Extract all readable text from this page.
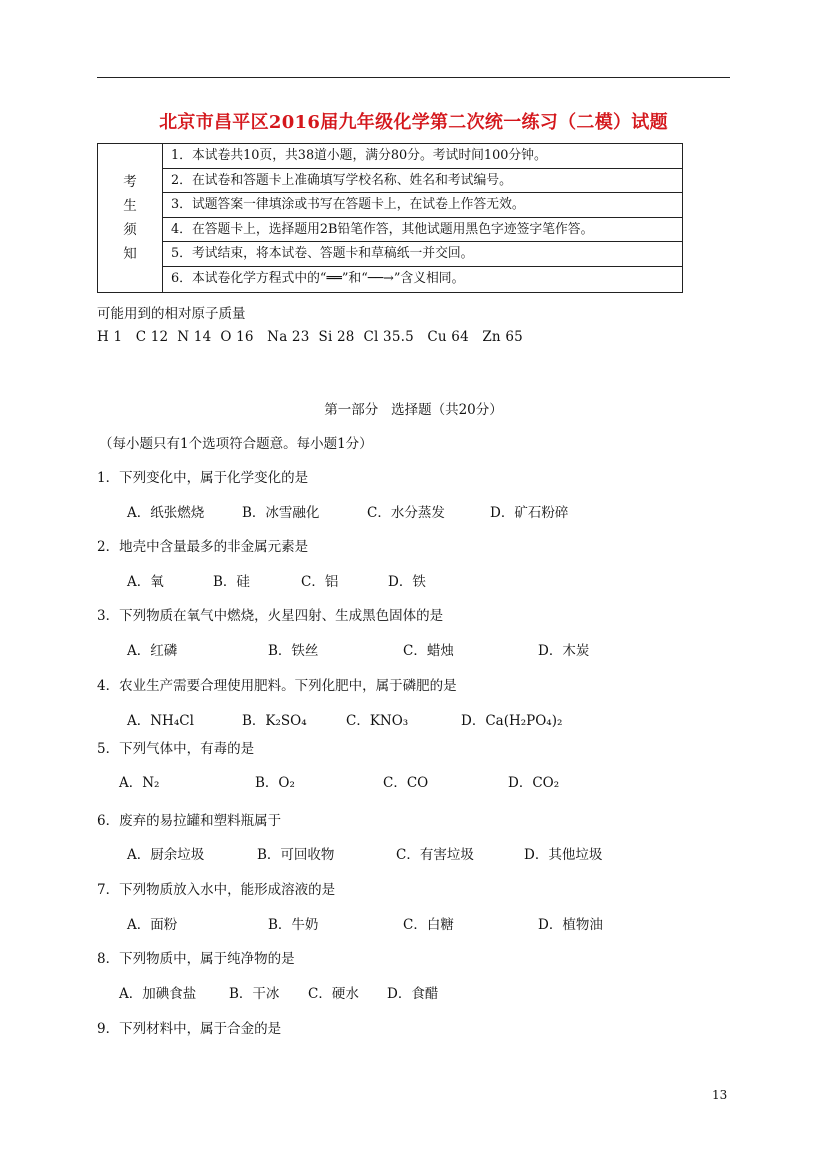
北京市昌平区2016届九年级化学第二次统一练习（二模）试题
考
生
须
知
1．本试卷共10页，共38道小题，满分80分。考试时间100分钟。
2．在试卷和答题卡上准确填写学校名称、姓名和考试编号。
3．试题答案一律填涂或书写在答题卡上，在试卷上作答无效。
4．在答题卡上，选择题用2B铅笔作答，其他试题用黑色字迹签字笔作答。
5．考试结束，将本试卷、答题卡和草稿纸一并交回。
6．本试卷化学方程式中的“══”和“──→”含义相同。
可能用到的相对原子质量
H 1   C 12  N 14  O 16   Na 23  Si 28  Cl 35.5   Cu 64   Zn 65
第一部分   选择题（共20分）
（每小题只有1个选项符合题意。每小题1分）
1．下列变化中，属于化学变化的是
A．纸张燃烧	B．冰雪融化	C．水分蒸发	D．矿石粉碎
2．地壳中含量最多的非金属元素是
A．氧	B．硅	C．铝	D．铁
3．下列物质在氧气中燃烧，火星四射、生成黑色固体的是
A．红磷	B．铁丝	C．蜡烛	D．木炭
4．农业生产需要合理使用肥料。下列化肥中，属于磷肥的是
A．NH₄Cl	B．K₂SO₄	C．KNO₃	D．Ca(H₂PO₄)₂
5．下列气体中，有毒的是
A．N₂	B．O₂	C．CO	D．CO₂
6．废弃的易拉罐和塑料瓶属于
A．厨余垃圾	B．可回收物	C．有害垃圾	D．其他垃圾
7．下列物质放入水中，能形成溶液的是
A．面粉	B．牛奶	C．白糖	D．植物油
8．下列物质中，属于纯净物的是
A．加碘食盐 B．干冰 C．硬水 D．食醋
9．下列材料中，属于合金的是
13
